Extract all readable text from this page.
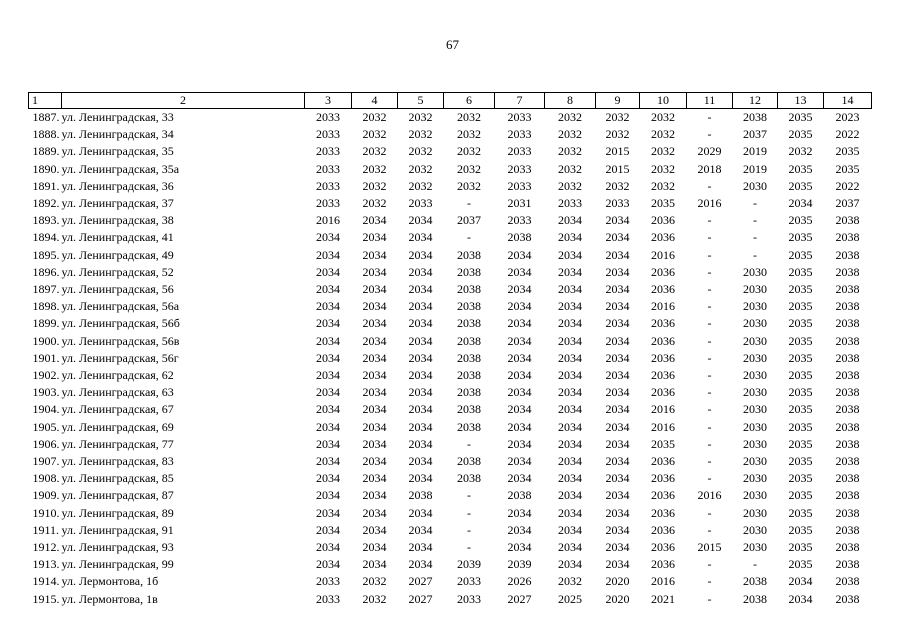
67
1	2	3	4	5	6	7	8	9	10	11	12	13	14
1887.	ул. Ленинградская, 33	2033	2032	2032	2032	2033	2032	2032	2032	-	2038	2035	2023
1888.	ул. Ленинградская, 34	2033	2032	2032	2032	2033	2032	2032	2032	-	2037	2035	2022
1889.	ул. Ленинградская, 35	2033	2032	2032	2032	2033	2032	2015	2032	2029	2019	2032	2035
1890.	ул. Ленинградская, 35а	2033	2032	2032	2032	2033	2032	2015	2032	2018	2019	2035	2035
1891.	ул. Ленинградская, 36	2033	2032	2032	2032	2033	2032	2032	2032	-	2030	2035	2022
1892.	ул. Ленинградская, 37	2033	2032	2033	-	2031	2033	2033	2035	2016	-	2034	2037
1893.	ул. Ленинградская, 38	2016	2034	2034	2037	2033	2034	2034	2036	-	-	2035	2038
1894.	ул. Ленинградская, 41	2034	2034	2034	-	2038	2034	2034	2036	-	-	2035	2038
1895.	ул. Ленинградская, 49	2034	2034	2034	2038	2034	2034	2034	2016	-	-	2035	2038
1896.	ул. Ленинградская, 52	2034	2034	2034	2038	2034	2034	2034	2036	-	2030	2035	2038
1897.	ул. Ленинградская, 56	2034	2034	2034	2038	2034	2034	2034	2036	-	2030	2035	2038
1898.	ул. Ленинградская, 56а	2034	2034	2034	2038	2034	2034	2034	2016	-	2030	2035	2038
1899.	ул. Ленинградская, 56б	2034	2034	2034	2038	2034	2034	2034	2036	-	2030	2035	2038
1900.	ул. Ленинградская, 56в	2034	2034	2034	2038	2034	2034	2034	2036	-	2030	2035	2038
1901.	ул. Ленинградская, 56г	2034	2034	2034	2038	2034	2034	2034	2036	-	2030	2035	2038
1902.	ул. Ленинградская, 62	2034	2034	2034	2038	2034	2034	2034	2036	-	2030	2035	2038
1903.	ул. Ленинградская, 63	2034	2034	2034	2038	2034	2034	2034	2036	-	2030	2035	2038
1904.	ул. Ленинградская, 67	2034	2034	2034	2038	2034	2034	2034	2016	-	2030	2035	2038
1905.	ул. Ленинградская, 69	2034	2034	2034	2038	2034	2034	2034	2016	-	2030	2035	2038
1906.	ул. Ленинградская, 77	2034	2034	2034	-	2034	2034	2034	2035	-	2030	2035	2038
1907.	ул. Ленинградская, 83	2034	2034	2034	2038	2034	2034	2034	2036	-	2030	2035	2038
1908.	ул. Ленинградская, 85	2034	2034	2034	2038	2034	2034	2034	2036	-	2030	2035	2038
1909.	ул. Ленинградская, 87	2034	2034	2038	-	2038	2034	2034	2036	2016	2030	2035	2038
1910.	ул. Ленинградская, 89	2034	2034	2034	-	2034	2034	2034	2036	-	2030	2035	2038
1911.	ул. Ленинградская, 91	2034	2034	2034	-	2034	2034	2034	2036	-	2030	2035	2038
1912.	ул. Ленинградская, 93	2034	2034	2034	-	2034	2034	2034	2036	2015	2030	2035	2038
1913.	ул. Ленинградская, 99	2034	2034	2034	2039	2039	2034	2034	2036	-	-	2035	2038
1914.	ул. Лермонтова, 1б	2033	2032	2027	2033	2026	2032	2020	2016	-	2038	2034	2038
1915.	ул. Лермонтова, 1в	2033	2032	2027	2033	2027	2025	2020	2021	-	2038	2034	2038
